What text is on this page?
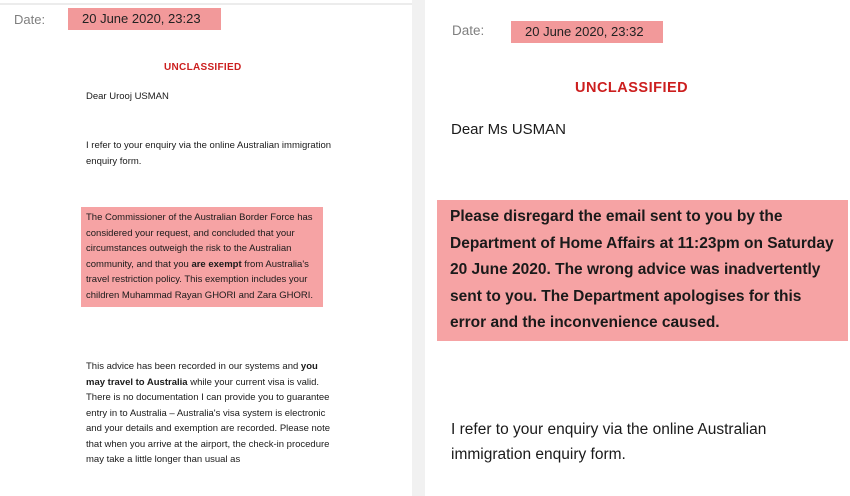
Date:	20 June 2020, 23:23
UNCLASSIFIED
Dear Urooj USMAN
I refer to your enquiry via the online Australian immigration enquiry form.
The Commissioner of the Australian Border Force has considered your request, and concluded that your circumstances outweigh the risk to the Australian community, and that you are exempt from Australia's travel restriction policy. This exemption includes your children Muhammad Rayan GHORI and Zara GHORI.
This advice has been recorded in our systems and you may travel to Australia while your current visa is valid. There is no documentation I can provide you to guarantee entry in to Australia – Australia's visa system is electronic and your details and exemption are recorded. Please note that when you arrive at the airport, the check-in procedure may take a little longer than usual as
Date:	20 June 2020, 23:32
UNCLASSIFIED
Dear Ms USMAN
Please disregard the email sent to you by the Department of Home Affairs at 11:23pm on Saturday 20 June 2020. The wrong advice was inadvertently sent to you. The Department apologises for this error and the inconvenience caused.
I refer to your enquiry via the online Australian immigration enquiry form.
